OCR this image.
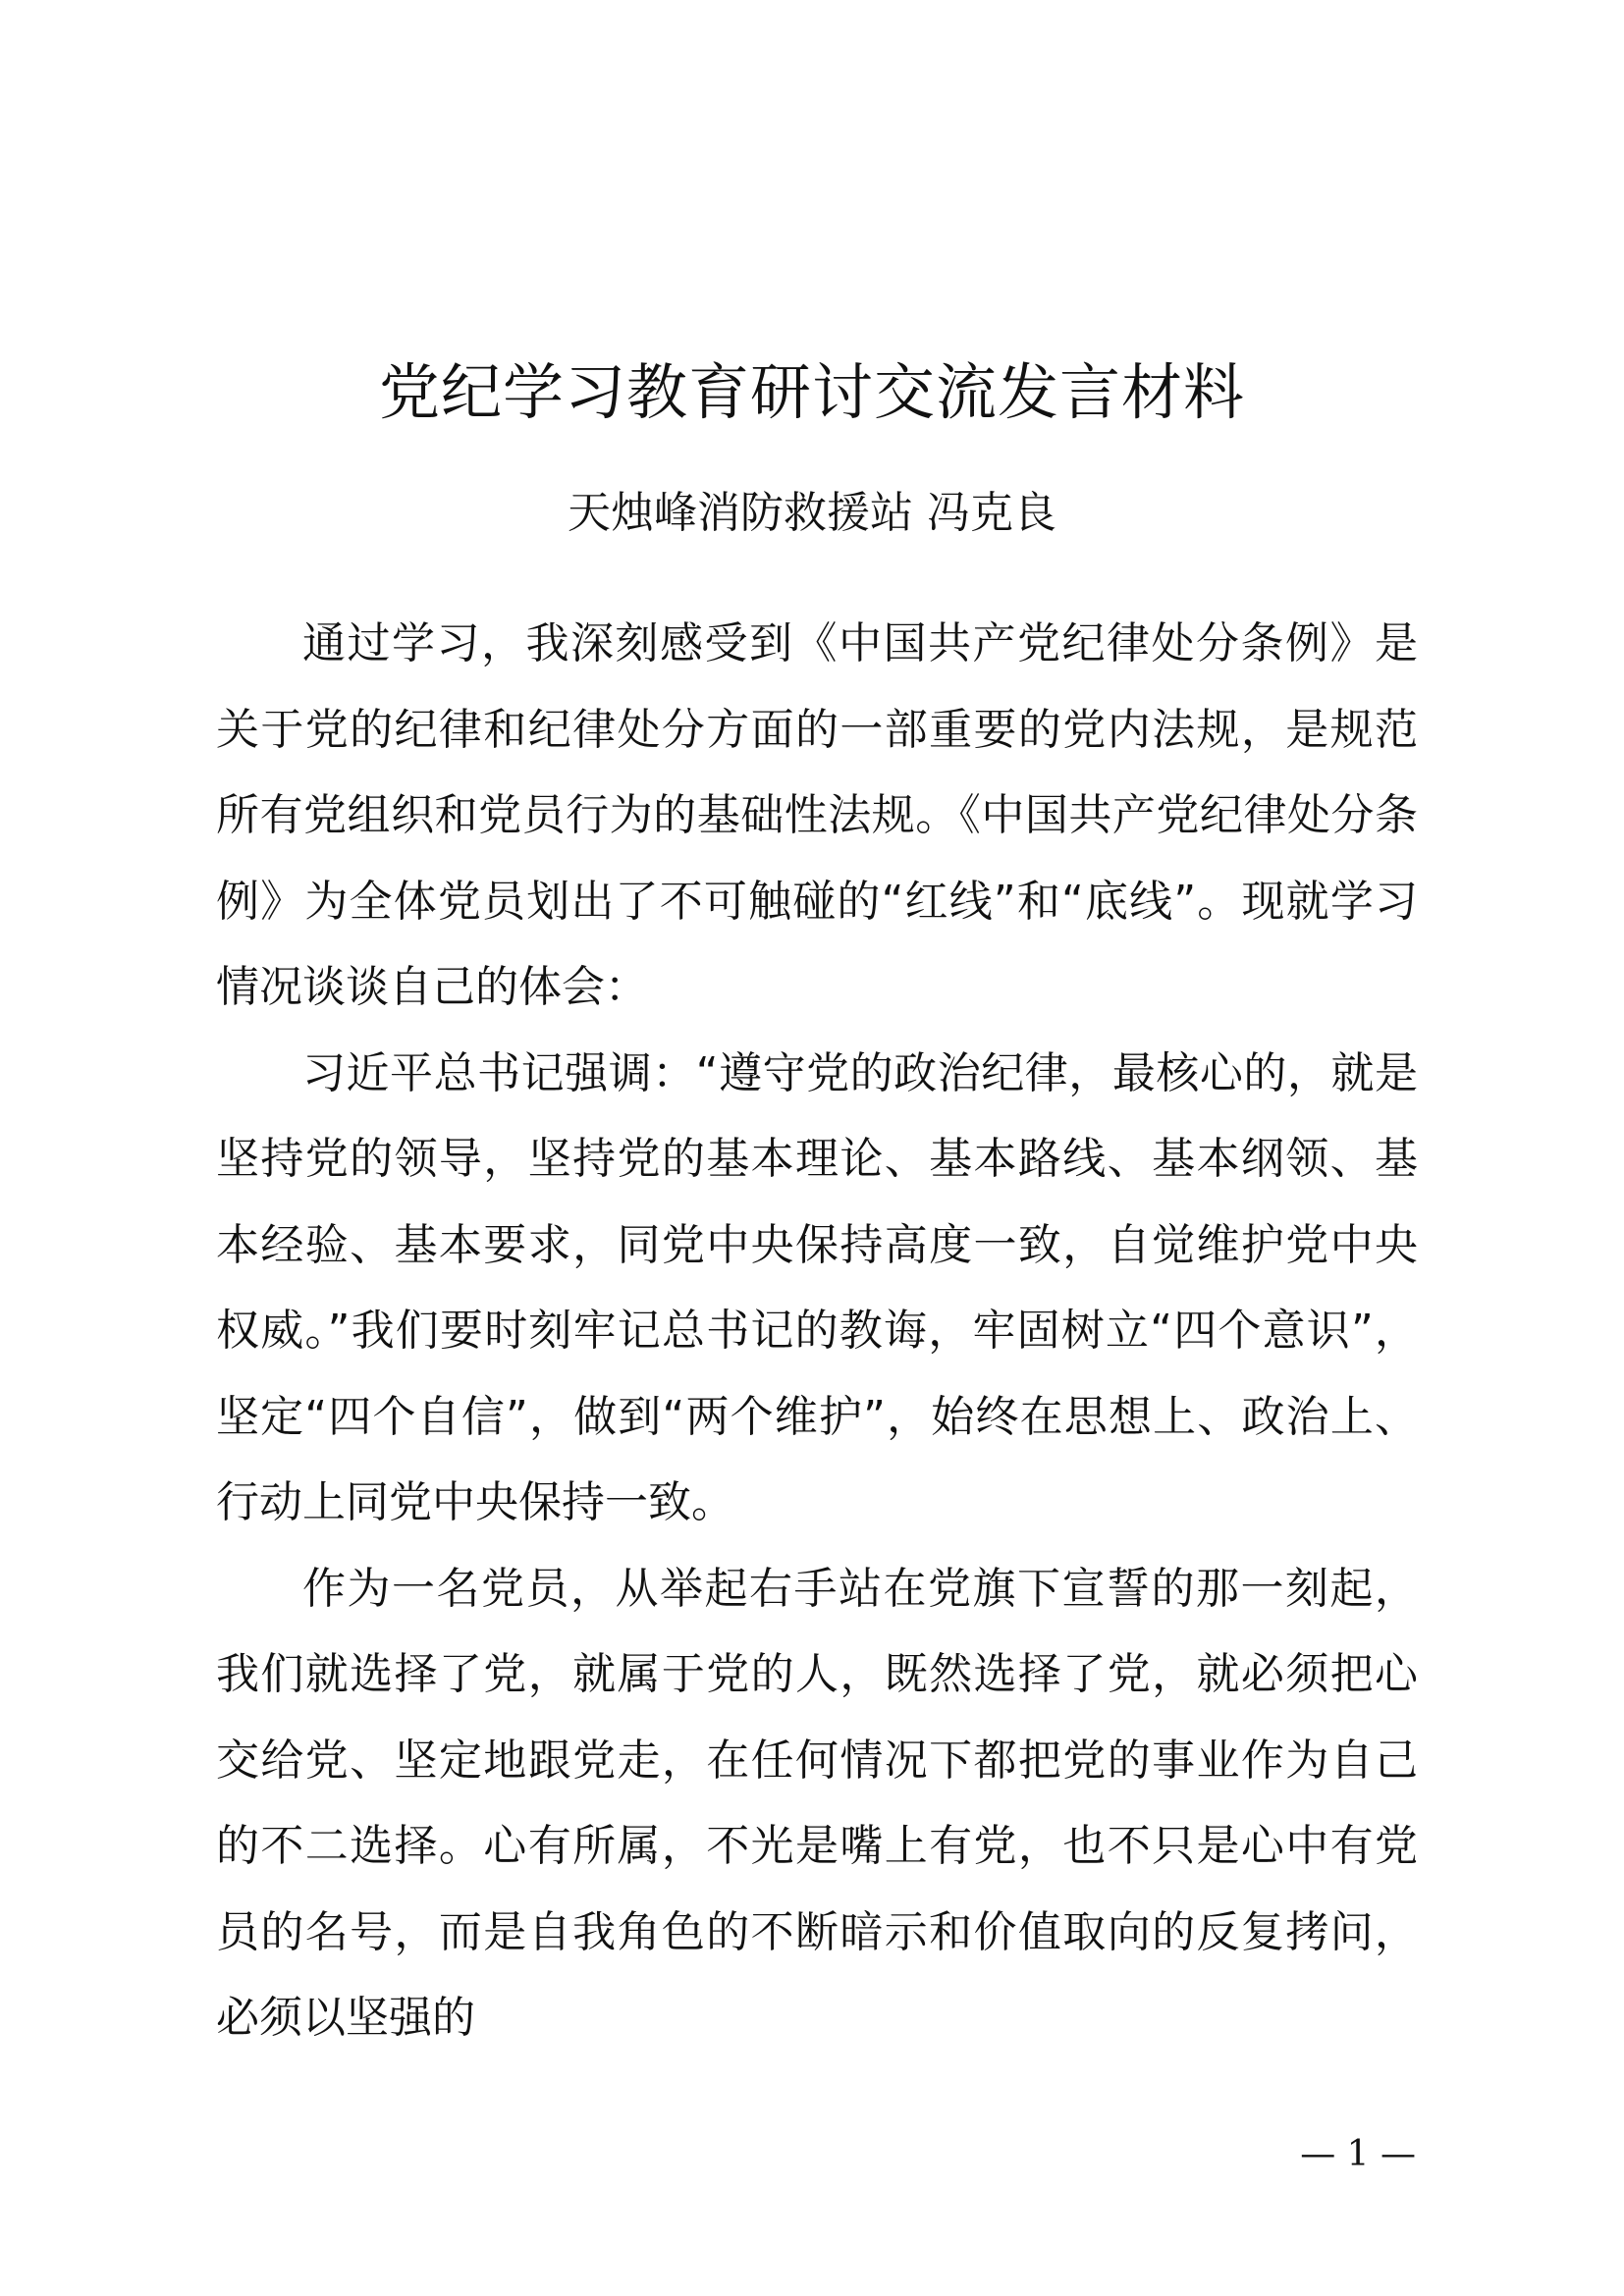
党纪学习教育研讨交流发言材料

天烛峰消防救援站 冯克良

通过学习，我深刻感受到《中国共产党纪律处分条例》是关于党的纪律和纪律处分方面的一部重要的党内法规，是规范所有党组织和党员行为的基础性法规。《中国共产党纪律处分条例》为全体党员划出了不可触碰的“红线”和“底线”。现就学习情况谈谈自己的体会：

习近平总书记强调：“遵守党的政治纪律，最核心的，就是坚持党的领导，坚持党的基本理论、基本路线、基本纲领、基本经验、基本要求，同党中央保持高度一致，自觉维护党中央权威。”我们要时刻牢记总书记的教诲，牢固树立“四个意识”，坚定“四个自信”，做到“两个维护”，始终在思想上、政治上、行动上同党中央保持一致。

作为一名党员，从举起右手站在党旗下宣誓的那一刻起，我们就选择了党，就属于党的人，既然选择了党，就必须把心交给党、坚定地跟党走，在任何情况下都把党的事业作为自己的不二选择。心有所属，不光是嘴上有党，也不只是心中有党员的名号，而是自我角色的不断暗示和价值取向的反复拷问，必须以坚强的

— 1 —
